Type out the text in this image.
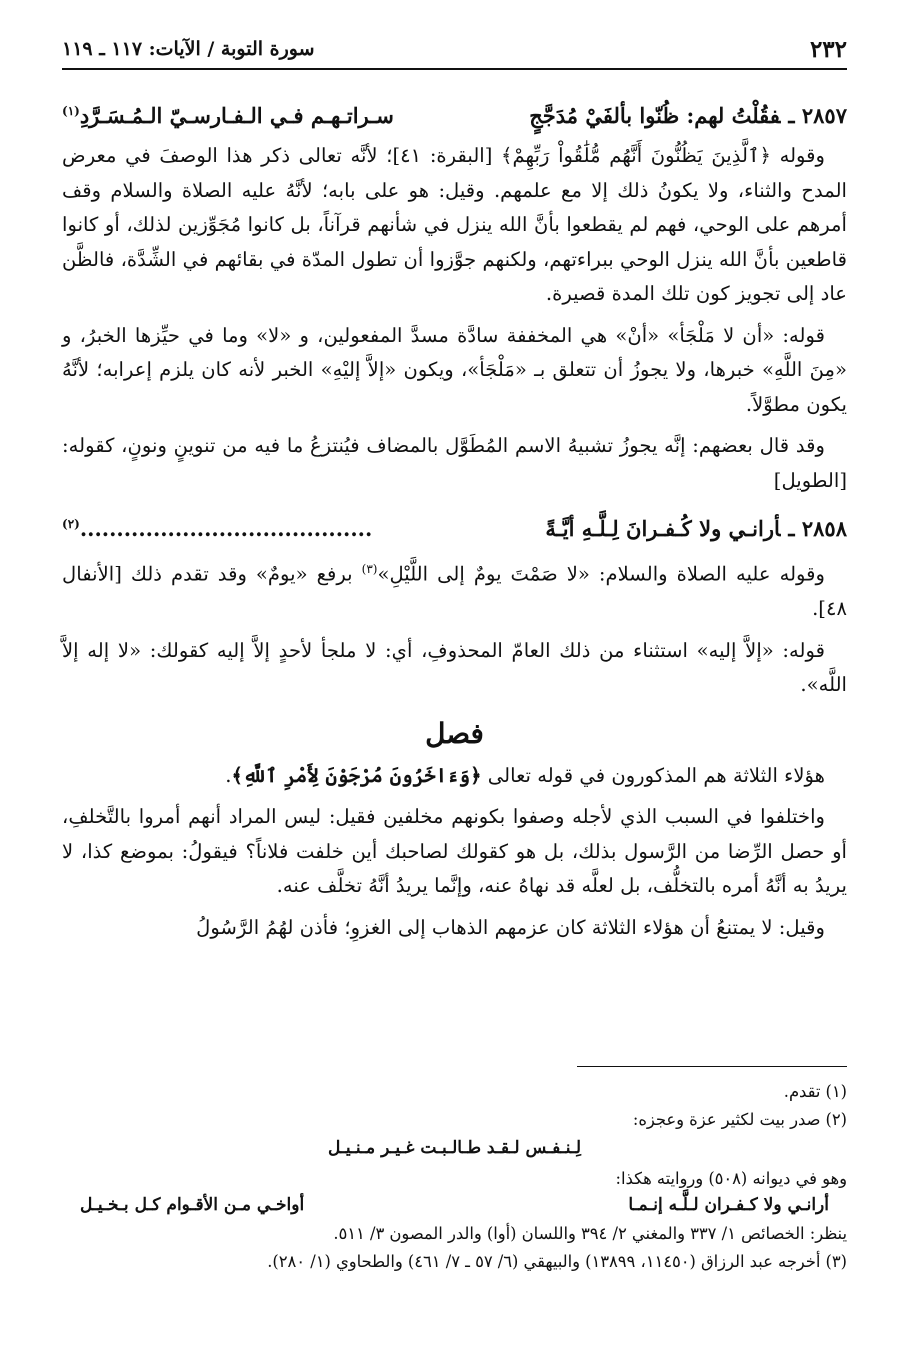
٢٣٢
سورة التوبة / الآيات: ١١٧ ـ ١١٩
٢٨٥٧ ـفقُلْتُ لهم: ظُنّوا بألفَيْ مُدَجَّجٍ
سـراتـهـم فـي الـفـارسـيّ الـمُـسَـرَّدِ$^{(١)}$

وقوله ﴿ٱلَّذِينَ يَظُنُّونَ أَنَّهُم مُّلَٰقُواْ رَبِّهِمْ﴾ [البقرة: ٤١]؛ لأنَّه تعالى ذكر هذا الوصفَ في معرض المدح والثناء، ولا يكونُ ذلك إلا مع علمهم. وقيل: هو على بابه؛ لأنَّهُ عليه الصلاة والسلام وقف أمرهم على الوحي، فهم لم يقطعوا بأنَّ الله ينزل في شأنهم قرآناً، بل كانوا مُجَوِّزين لذلك، أو كانوا قاطعين بأنَّ الله ينزل الوحي ببراءتهم، ولكنهم جوَّزوا أن تطول المدّة في بقائهم في الشِّدَّة، فالظَّن عاد إلى تجويز كون تلك المدة قصيرة.

قوله: «أن لا مَلْجَأ» «أنْ» هي المخففة سادَّة مسدَّ المفعولين، و «لا» وما في حيِّزها الخبرُ، و «مِنَ اللَّهِ» خبرها، ولا يجوزُ أن تتعلق بـ «مَلْجَأ»، ويكون «إلاَّ إليْهِ» الخبر لأنه كان يلزم إعرابه؛ لأنَّهُ يكون مطوَّلاً.

وقد قال بعضهم: إنَّه يجوزُ تشبيهُ الاسم المُطَوَّل بالمضاف فيُنتزعُ ما فيه من تنوينٍ ونونٍ، كقوله: [الطويل]

٢٨٥٨ ـأرانـي ولا كُـفـرانَ لِـلَّـهِ أيَّـةً
........................................$^{(٢)}$

وقوله عليه الصلاة والسلام: «لا صَمْتَ يومٌ إلى اللَّيْلِ»$^{(٣)}$ برفع «يومٌ» وقد تقدم ذلك [الأنفال ٤٨].

قوله: «إلاَّ إليه» استثناء من ذلك العامّ المحذوفِ، أي: لا ملجأ لأحدٍ إلاَّ إليه كقولك: «لا إله إلاَّ اللَّه».

فصل

هؤلاء الثلاثة هم المذكورون في قوله تعالى ﴿وَءَاخَرُونَ مُرْجَوْنَ لِأَمْرِ ٱللَّهِ﴾.

واختلفوا في السبب الذي لأجله وصفوا بكونهم مخلفين فقيل: ليس المراد أنهم أمروا بالتَّخلفِ، أو حصل الرِّضا من الرَّسول بذلك، بل هو كقولك لصاحبك أين خلفت فلاناً؟ فيقولُ: بموضع كذا، لا يريدُ به أنَّهُ أمره بالتخلُّف، بل لعلَّه قد نهاهُ عنه، وإنَّما يريدُ أنَّهُ تخلَّف عنه.

وقيل: لا يمتنعُ أن هؤلاء الثلاثة كان عزمهم الذهاب إلى الغزوِ؛ فأذن لهُمُ الرَّسُولُ

(١) تقدم.

(٢) صدر بيت لكثير عزة وعجزه:

لِـنـفـس لـقـد طـالـبـت غـيـر مـنـيـل

وهو في ديوانه (٥٠٨) وروايته هكذا:

أرانـي ولا كـفـران لـلَّـه إنـمـا
أواخـي مـن الأقـوام كـل بـخـيـل

ينظر: الخصائص ١/ ٣٣٧ والمغني ٢/ ٣٩٤ واللسان (أوا) والدر المصون ٣/ ٥١١.

(٣) أخرجه عبد الرزاق (١١٤٥٠، ١٣٨٩٩) والبيهقي (٦/ ٥٧ ـ ٧/ ٤٦١) والطحاوي (١/ ٢٨٠).
